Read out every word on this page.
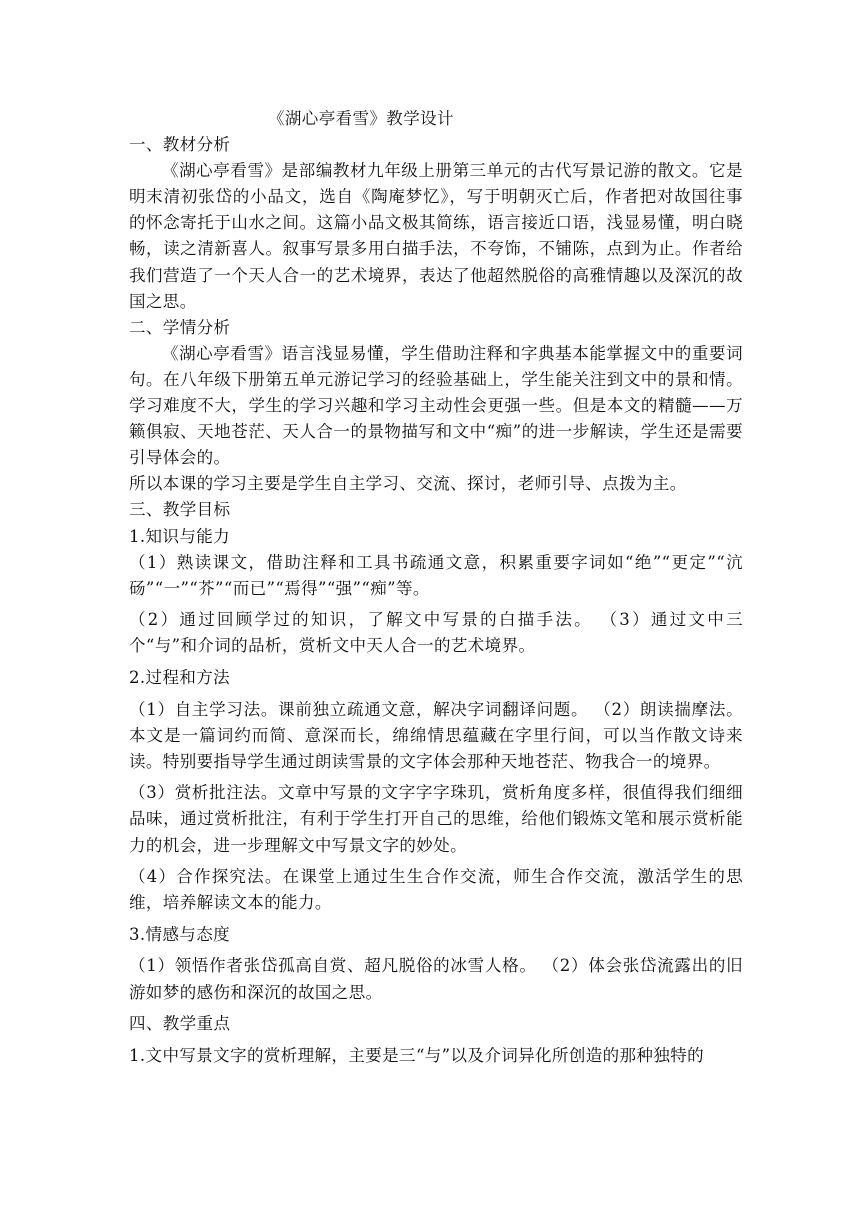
《湖心亭看雪》教学设计

一、教材分析

《湖心亭看雪》是部编教材九年级上册第三单元的古代写景记游的散文。它是明末清初张岱的小品文，选自《陶庵梦忆》，写于明朝灭亡后，作者把对故国往事的怀念寄托于山水之间。这篇小品文极其简练，语言接近口语，浅显易懂，明白晓畅，读之清新喜人。叙事写景多用白描手法，不夸饰，不铺陈，点到为止。作者给我们营造了一个天人合一的艺术境界，表达了他超然脱俗的高雅情趣以及深沉的故国之思。

二、学情分析

《湖心亭看雪》语言浅显易懂，学生借助注释和字典基本能掌握文中的重要词句。在八年级下册第五单元游记学习的经验基础上，学生能关注到文中的景和情。学习难度不大，学生的学习兴趣和学习主动性会更强一些。但是本文的精髓——万籁俱寂、天地苍茫、天人合一的景物描写和文中“痴”的进一步解读，学生还是需要引导体会的。

所以本课的学习主要是学生自主学习、交流、探讨，老师引导、点拨为主。

三、教学目标

1.知识与能力

（1）熟读课文，借助注释和工具书疏通文意，积累重要字词如“绝”“更定”“沆砀”“一”“芥”“而已”“焉得”“强”“痴”等。

（2）通过回顾学过的知识，了解文中写景的白描手法。 （3）通过文中三个“与”和介词的品析，赏析文中天人合一的艺术境界。

2.过程和方法

（1）自主学习法。课前独立疏通文意，解决字词翻译问题。 （2）朗读揣摩法。本文是一篇词约而简、意深而长，绵绵情思蕴藏在字里行间，可以当作散文诗来读。特别要指导学生通过朗读雪景的文字体会那种天地苍茫、物我合一的境界。

（3）赏析批注法。文章中写景的文字字字珠玑，赏析角度多样，很值得我们细细品味，通过赏析批注，有利于学生打开自己的思维，给他们锻炼文笔和展示赏析能力的机会，进一步理解文中写景文字的妙处。

（4）合作探究法。在课堂上通过生生合作交流，师生合作交流，激活学生的思维，培养解读文本的能力。

3.情感与态度

（1）领悟作者张岱孤高自赏、超凡脱俗的冰雪人格。 （2）体会张岱流露出的旧游如梦的感伤和深沉的故国之思。

四、教学重点

1.文中写景文字的赏析理解，主要是三“与”以及介词异化所创造的那种独特的
